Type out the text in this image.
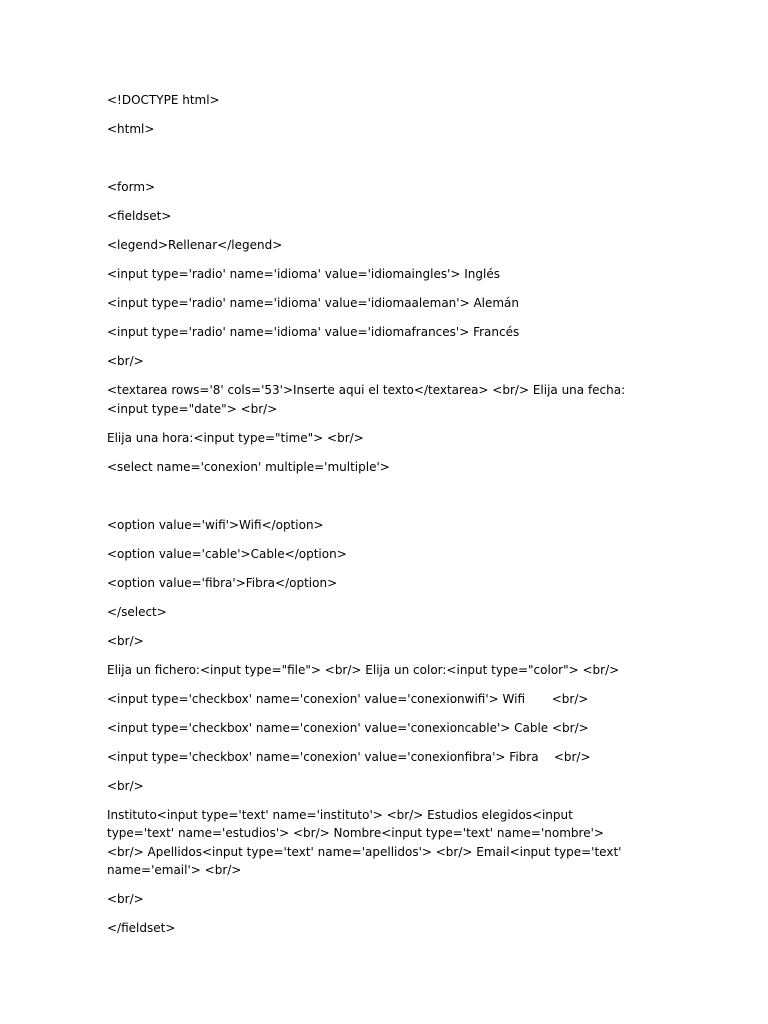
<!DOCTYPE html>
<html>
<form>
<fieldset>
<legend>Rellenar</legend>
<input type='radio' name='idioma' value='idiomaingles'> Inglés
<input type='radio' name='idioma' value='idiomaaleman'> Alemán
<input type='radio' name='idioma' value='idiomafrances'> Francés
<br/>
<textarea rows='8' cols='53'>Inserte aqui el texto</textarea> <br/> Elija una fecha:<input type="date"> <br/>
Elija una hora:<input type="time"> <br/>
<select name='conexion' multiple='multiple'>
<option value='wifi'>Wifi</option>
<option value='cable'>Cable</option>
<option value='fibra'>Fibra</option>
</select>
<br/>
Elija un fichero:<input type="file"> <br/> Elija un color:<input type="color"> <br/>
<input type='checkbox' name='conexion' value='conexionwifi'> Wifi       <br/>
<input type='checkbox' name='conexion' value='conexioncable'> Cable <br/>
<input type='checkbox' name='conexion' value='conexionfibra'> Fibra    <br/>
<br/>
Instituto<input type='text' name='instituto'> <br/> Estudios elegidos<input type='text' name='estudios'> <br/> Nombre<input type='text' name='nombre'> <br/> Apellidos<input type='text' name='apellidos'> <br/> Email<input type='text' name='email'> <br/>
<br/>
</fieldset>
